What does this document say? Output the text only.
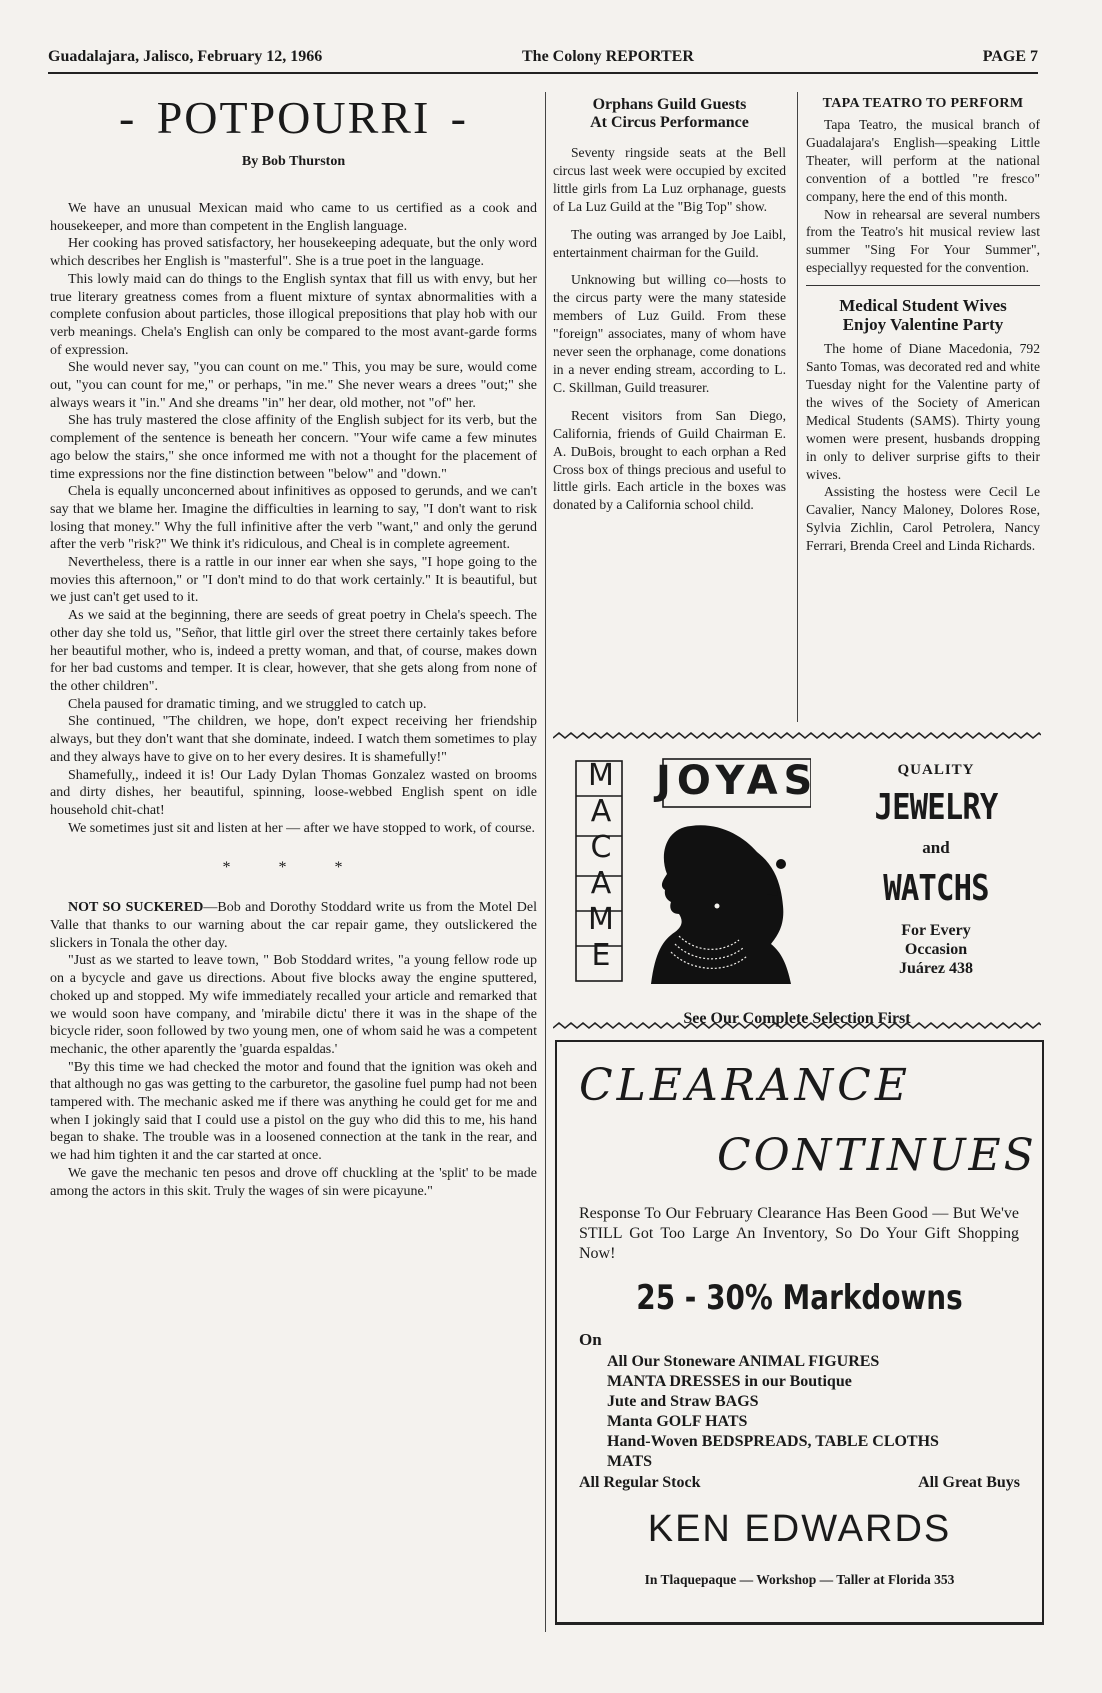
Guadalajara, Jalisco, February 12, 1966	The Colony REPORTER	PAGE 7
- POTPOURRI -
By Bob Thurston

We have an unusual Mexican maid who came to us certified as a cook and housekeeper, and more than competent in the English language.

Her cooking has proved satisfactory, her housekeeping adequate, but the only word which describes her English is "masterful". She is a true poet in the language.

This lowly maid can do things to the English syntax that fill us with envy, but her true literary greatness comes from a fluent mixture of syntax abnormalities with a complete confusion about particles, those illogical prepositions that play hob with our verb meanings. Chela's English can only be compared to the most avant-garde forms of expression.

She would never say, "you can count on me." This, you may be sure, would come out, "you can count for me," or perhaps, "in me." She never wears a drees "out;" she always wears it "in." And she dreams "in" her dear, old mother, not "of" her.

She has truly mastered the close affinity of the English subject for its verb, but the complement of the sentence is beneath her concern. "Your wife came a few minutes ago below the stairs," she once informed me with not a thought for the placement of time expressions nor the fine distinction between "below" and "down."

Chela is equally unconcerned about infinitives as opposed to gerunds, and we can't say that we blame her. Imagine the difficulties in learning to say, "I don't want to risk losing that money." Why the full infinitive after the verb "want," and only the gerund after the verb "risk?" We think it's ridiculous, and Cheal is in complete agreement.

Nevertheless, there is a rattle in our inner ear when she says, "I hope going to the movies this afternoon," or "I don't mind to do that work certainly." It is beautiful, but we just can't get used to it.

As we said at the beginning, there are seeds of great poetry in Chela's speech. The other day she told us, "Señor, that little girl over the street there certainly takes before her beautiful mother, who is, indeed a pretty woman, and that, of course, makes down for her bad customs and temper. It is clear, however, that she gets along from none of the other children".

Chela paused for dramatic timing, and we struggled to catch up.

She continued, "The children, we hope, don't expect receiving her friendship always, but they don't want that she dominate, indeed. I watch them sometimes to play and they always have to give on to her every desires. It is shamefully!"

Shamefully,, indeed it is! Our Lady Dylan Thomas Gonzalez wasted on brooms and dirty dishes, her beautiful, spinning, loose-webbed English spent on idle household chit-chat!

We sometimes just sit and listen at her — after we have stopped to work, of course.

* * *

NOT SO SUCKERED—Bob and Dorothy Stoddard write us from the Motel Del Valle that thanks to our warning about the car repair game, they outslickered the slickers in Tonala the other day.

"Just as we started to leave town, " Bob Stoddard writes, "a young fellow rode up on a bycycle and gave us directions. About five blocks away the engine sputtered, choked up and stopped. My wife immediately recalled your article and remarked that we would soon have company, and 'mirabile dictu' there it was in the shape of the bicycle rider, soon followed by two young men, one of whom said he was a competent mechanic, the other aparently the 'guarda espaldas.'

"By this time we had checked the motor and found that the ignition was okeh and that although no gas was getting to the carburetor, the gasoline fuel pump had not been tampered with. The mechanic asked me if there was anything he could get for me and when I jokingly said that I could use a pistol on the guy who did this to me, his hand began to shake. The trouble was in a loosened connection at the tank in the rear, and we had him tighten it and the car started at once.

We gave the mechanic ten pesos and drove off chuckling at the 'split' to be made among the actors in this skit. Truly the wages of sin were picayune."

Orphans Guild Guests
At Circus Performance

Seventy ringside seats at the Bell circus last week were occupied by excited little girls from La Luz orphanage, guests of La Luz Guild at the "Big Top" show.

The outing was arranged by Joe Laibl, entertainment chairman for the Guild.

Unknowing but willing co—hosts to the circus party were the many stateside members of Luz Guild. From these "foreign" associates, many of whom have never seen the orphanage, come donations in a never ending stream, according to L. C. Skillman, Guild treasurer.

Recent visitors from San Diego, California, friends of Guild Chairman E. A. DuBois, brought to each orphan a Red Cross box of things precious and useful to little girls. Each article in the boxes was donated by a California school child.

TAPA TEATRO TO PERFORM

Tapa Teatro, the musical branch of Guadalajara's English—speaking Little Theater, will perform at the national convention of a bottled "re fresco" company, here the end of this month.

Now in rehearsal are several numbers from the Teatro's hit musical review last summer "Sing For Your Summer", especiallyy requested for the convention.

Medical Student Wives
Enjoy Valentine Party

The home of Diane Macedonia, 792 Santo Tomas, was decorated red and white Tuesday night for the Valentine party of the wives of the Society of American Medical Students (SAMS). Thirty young women were present, husbands dropping in only to deliver surprise gifts to their wives.

Assisting the hostess were Cecil Le Cavalier, Nancy Maloney, Dolores Rose, Sylvia Zichlin, Carol Petrolera, Nancy Ferrari, Brenda Creel and Linda Richards.

JOYAS
M
A
C
A
M
E
QUALITY
JEWELRY
and
WATCHS
For Every
Occasion
Juárez 438
See Our Complete Selection First
CLEARANCE
CONTINUES
Response To Our February Clearance Has Been Good — But We've STILL Got Too Large An Inventory, So Do Your Gift Shopping Now!
25 - 30% Markdowns
On
All Our Stoneware ANIMAL FIGURES
MANTA DRESSES in our Boutique
Jute and Straw BAGS
Manta GOLF HATS
Hand-Woven BEDSPREADS, TABLE CLOTHS
MATS
All Regular Stock	All Great Buys
KEN EDWARDS
In Tlaquepaque — Workshop — Taller at Florida 353
